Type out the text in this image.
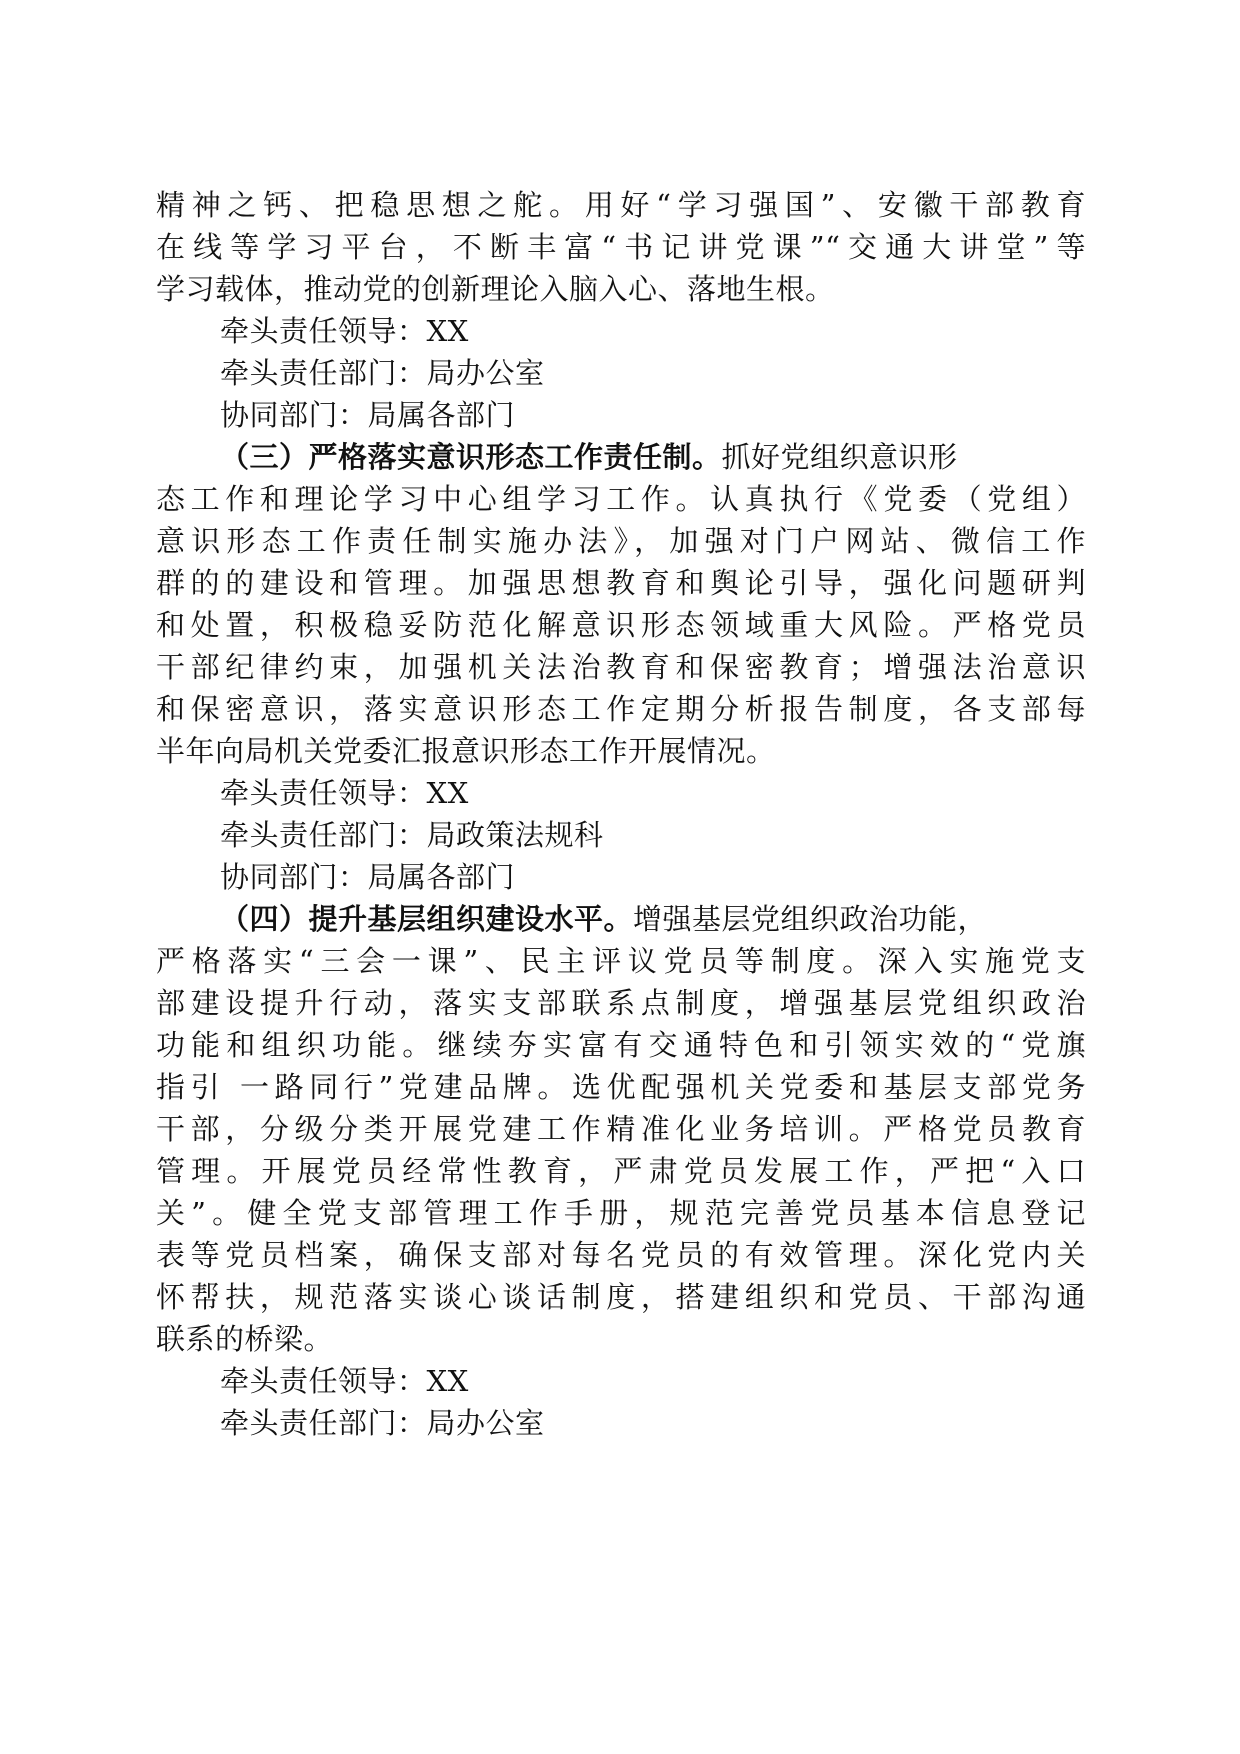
精神之钙、把稳思想之舵。用好“学习强国”、安徽干部教育
在线等学习平台，不断丰富“书记讲党课”“交通大讲堂”等
学习载体，推动党的创新理论入脑入心、落地生根。
牵头责任领导：XX
牵头责任部门：局办公室
协同部门：局属各部门
（三）严格落实意识形态工作责任制。抓好党组织意识形
态工作和理论学习中心组学习工作。认真执行《党委（党组）
意识形态工作责任制实施办法》，加强对门户网站、微信工作
群的的建设和管理。加强思想教育和舆论引导，强化问题研判
和处置，积极稳妥防范化解意识形态领域重大风险。严格党员
干部纪律约束，加强机关法治教育和保密教育；增强法治意识
和保密意识，落实意识形态工作定期分析报告制度，各支部每
半年向局机关党委汇报意识形态工作开展情况。
牵头责任领导：XX
牵头责任部门：局政策法规科
协同部门：局属各部门
（四）提升基层组织建设水平。增强基层党组织政治功能，
严格落实“三会一课”、民主评议党员等制度。深入实施党支
部建设提升行动，落实支部联系点制度，增强基层党组织政治
功能和组织功能。继续夯实富有交通特色和引领实效的“党旗
指引 一路同行”党建品牌。选优配强机关党委和基层支部党务
干部，分级分类开展党建工作精准化业务培训。严格党员教育
管理。开展党员经常性教育，严肃党员发展工作，严把“入口
关”。健全党支部管理工作手册，规范完善党员基本信息登记
表等党员档案，确保支部对每名党员的有效管理。深化党内关
怀帮扶，规范落实谈心谈话制度，搭建组织和党员、干部沟通
联系的桥梁。
牵头责任领导：XX
牵头责任部门：局办公室
